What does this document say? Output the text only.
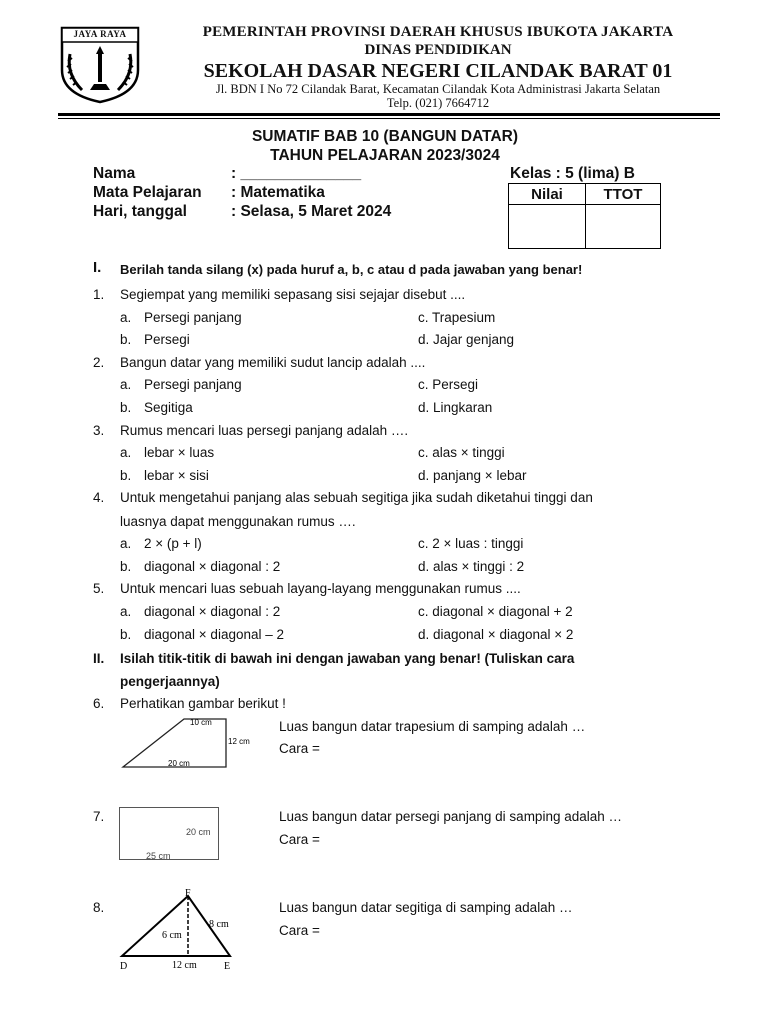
JAYA RAYA	PEMERINTAH PROVINSI DAERAH KHUSUS IBUKOTA JAKARTA
DINAS PENDIDIKAN
SEKOLAH DASAR NEGERI CILANDAK BARAT 01
Jl. BDN I No 72 Cilandak Barat, Kecamatan Cilandak Kota Administrasi Jakarta Selatan
Telp. (021) 7664712
SUMATIF BAB 10 (BANGUN DATAR)
TAHUN PELAJARAN 2023/3024
Nama	: ______________	Kelas : 5 (lima) B
Mata Pelajaran : Matematika
Hari, tanggal	: Selasa, 5 Maret 2024
Nilai	TTOT

I. Berilah tanda silang (x) pada huruf a, b, c atau d pada jawaban yang benar!
1. Segiempat yang memiliki sepasang sisi sejajar disebut ....
a. Persegi panjang	c. Trapesium
b. Persegi	d. Jajar genjang
2. Bangun datar yang memiliki sudut lancip adalah ....
a. Persegi panjang	c. Persegi
b. Segitiga	d. Lingkaran
3. Rumus mencari luas persegi panjang adalah ….
a. lebar × luas	c. alas × tinggi
b. lebar × sisi	d. panjang × lebar
4. Untuk mengetahui panjang alas sebuah segitiga jika sudah diketahui tinggi dan
luasnya dapat menggunakan rumus ….
a. 2 × (p + l)	c. 2 × luas : tinggi
b. diagonal × diagonal : 2	d. alas × tinggi : 2
5. Untuk mencari luas sebuah layang-layang menggunakan rumus ....
a. diagonal × diagonal : 2	c. diagonal × diagonal + 2
b. diagonal × diagonal – 2	d. diagonal × diagonal × 2
II. Isilah titik-titik di bawah ini dengan jawaban yang benar! (Tuliskan cara
pengerjaannya)
6. Perhatikan gambar berikut !
10 cm
12 cm
20 cm
Luas bangun datar trapesium di samping adalah …
Cara =
7.
20 cm
25 cm
Luas bangun datar persegi panjang di samping adalah …
Cara =
8.
F
D	E
6 cm
8 cm
12 cm
Luas bangun datar segitiga di samping adalah …
Cara =
